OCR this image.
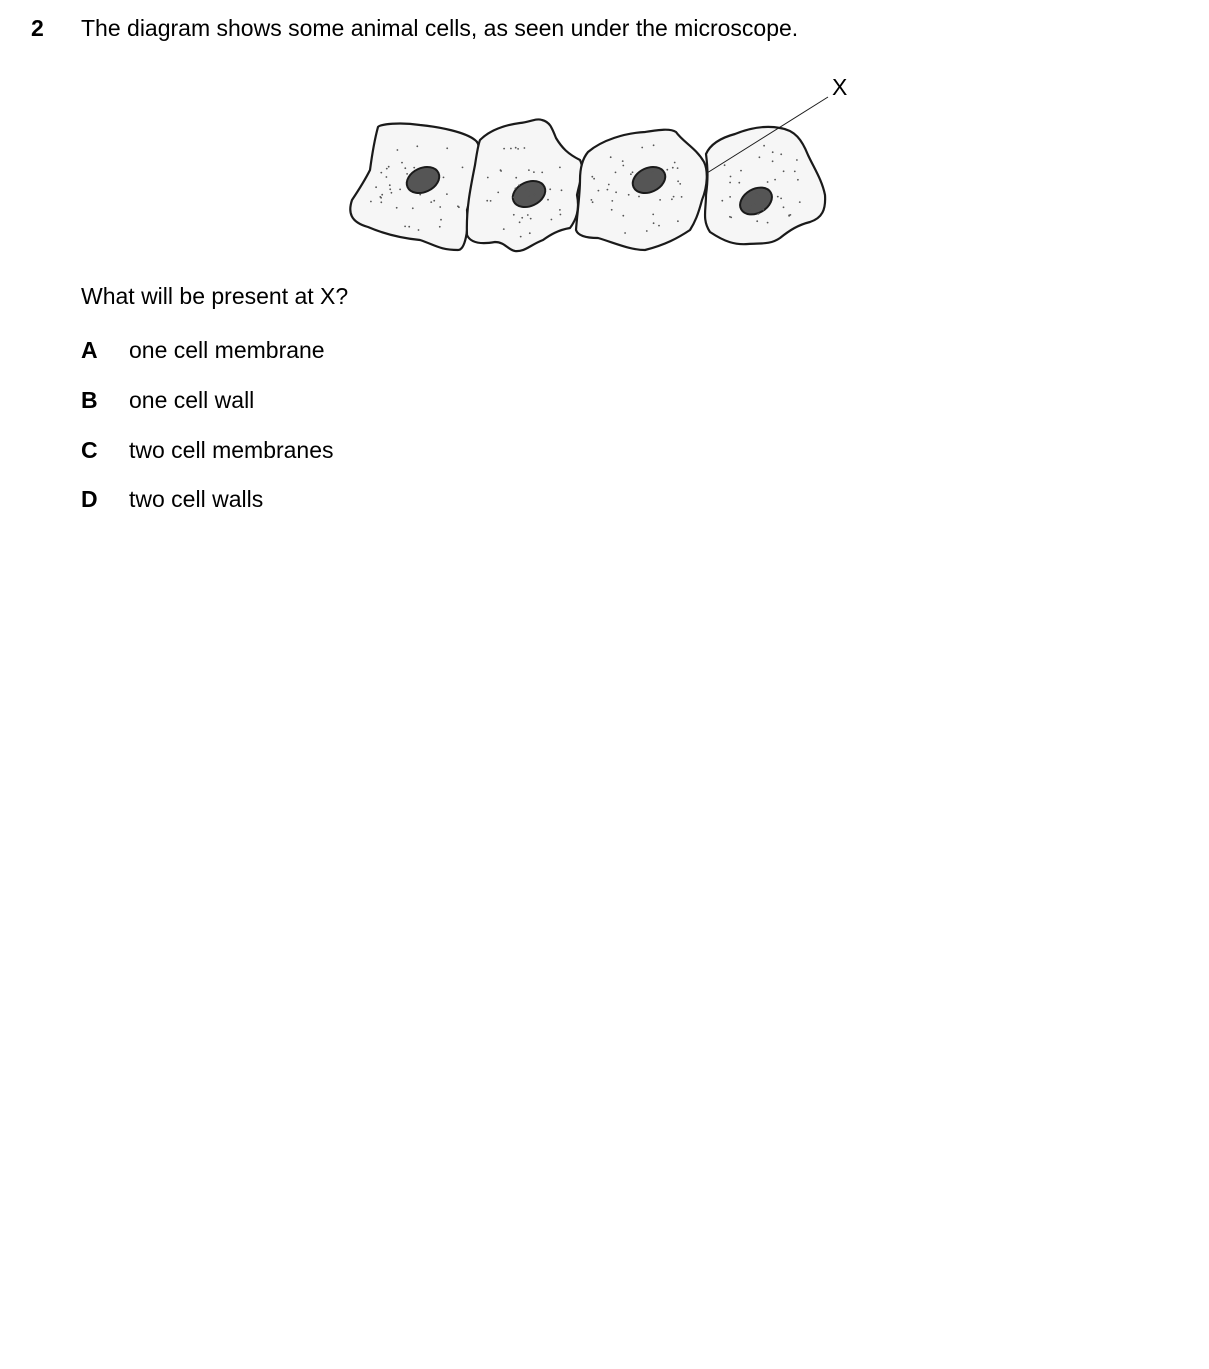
2 The diagram shows some animal cells, as seen under the microscope.
X
What will be present at X?
A one cell membrane
B one cell wall
C two cell membranes
D two cell walls
